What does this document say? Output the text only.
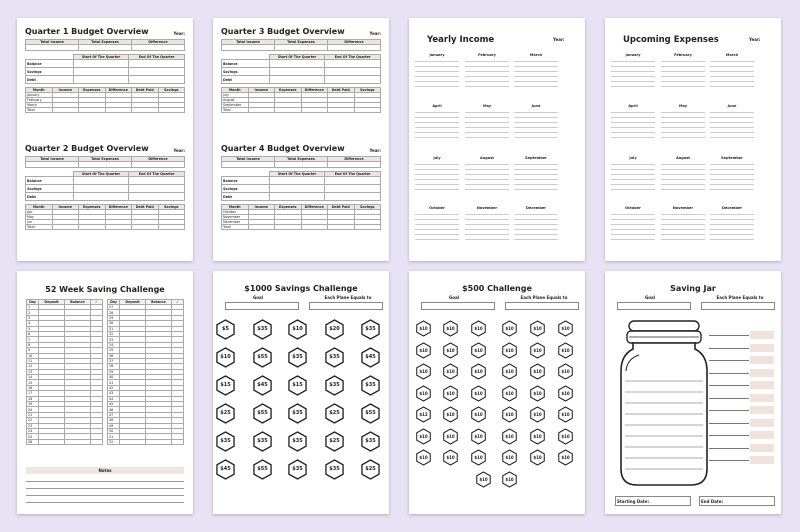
Quarter 1 Budget Overview	Year:
Total Income	Total Expenses	Difference

	Start Of The Quarter	End Of The Quarter
Balance		
Savings		
Debt		
Month	Income	Expenses	Difference	Debt Paid	Savings
January					
February					
March					
Total					
Quarter 2 Budget Overview	Year:
Total Income	Total Expenses	Difference

	Start Of The Quarter	End Of The Quarter
Balance		
Savings		
Debt		
Month	Income	Expenses	Difference	Debt Paid	Savings
Apr					
May					
Jun					
Total					
Quarter 3 Budget Overview	Year:
Total Income	Total Expenses	Difference

	Start Of The Quarter	End Of The Quarter
Balance		
Savings		
Debt		
Month	Income	Expenses	Difference	Debt Paid	Savings
July					
August					
September					
Total					
Quarter 4 Budget Overview	Year:
Total Income	Total Expenses	Difference

	Start Of The Quarter	End Of The Quarter
Balance		
Savings		
Debt		
Month	Income	Expenses	Difference	Debt Paid	Savings
October					
November					
December					
Total					
Yearly Income	Year:
January	February	March
April	May	June
July	August	September
October	November	December
Upcoming Expenses	Year:
January	February	March
April	May	June
July	August	September
October	November	December
52 Week Saving Challenge
Day	Deposit	Balance	✓
1			
2			
3			
4			
5			
6			
7			
8			
9			
10			
11			
12			
13			
14			
15			
16			
17			
18			
19			
20			
21			
22			
23			
24			
25			
26			
Day	Deposit	Balance	✓
27			
28			
29			
30			
31			
32			
33			
34			
35			
36			
37			
38			
39			
40			
41			
42			
43			
44			
45			
46			
47			
48			
49			
50			
51			
52			
Notes
$1000 Savings Challenge
Goal	Each Plane Equals to
$5	$35	$10	$20	$35
$10	$55	$35	$35	$45
$15	$45	$15	$35	$35
$25	$55	$35	$25	$55
$35	$35	$35	$25	$35
$45	$55	$35	$35	$25
$500 Challenge
Goal	Each Plane Equals to
$10	$10	$10	$10	$10	$10
$10	$10	$10	$10	$10	$10
$10	$10	$10	$10	$10	$10
$10	$10	$10	$10	$10	$10
$12	$10	$10	$10	$10	$10
$10	$10	$10	$10	$10	$10
$10	$10	$10	$10	$10	$10
$10	$10
Saving Jar
Goal	Each Plane Equals to
Starting Date:	End Date:
